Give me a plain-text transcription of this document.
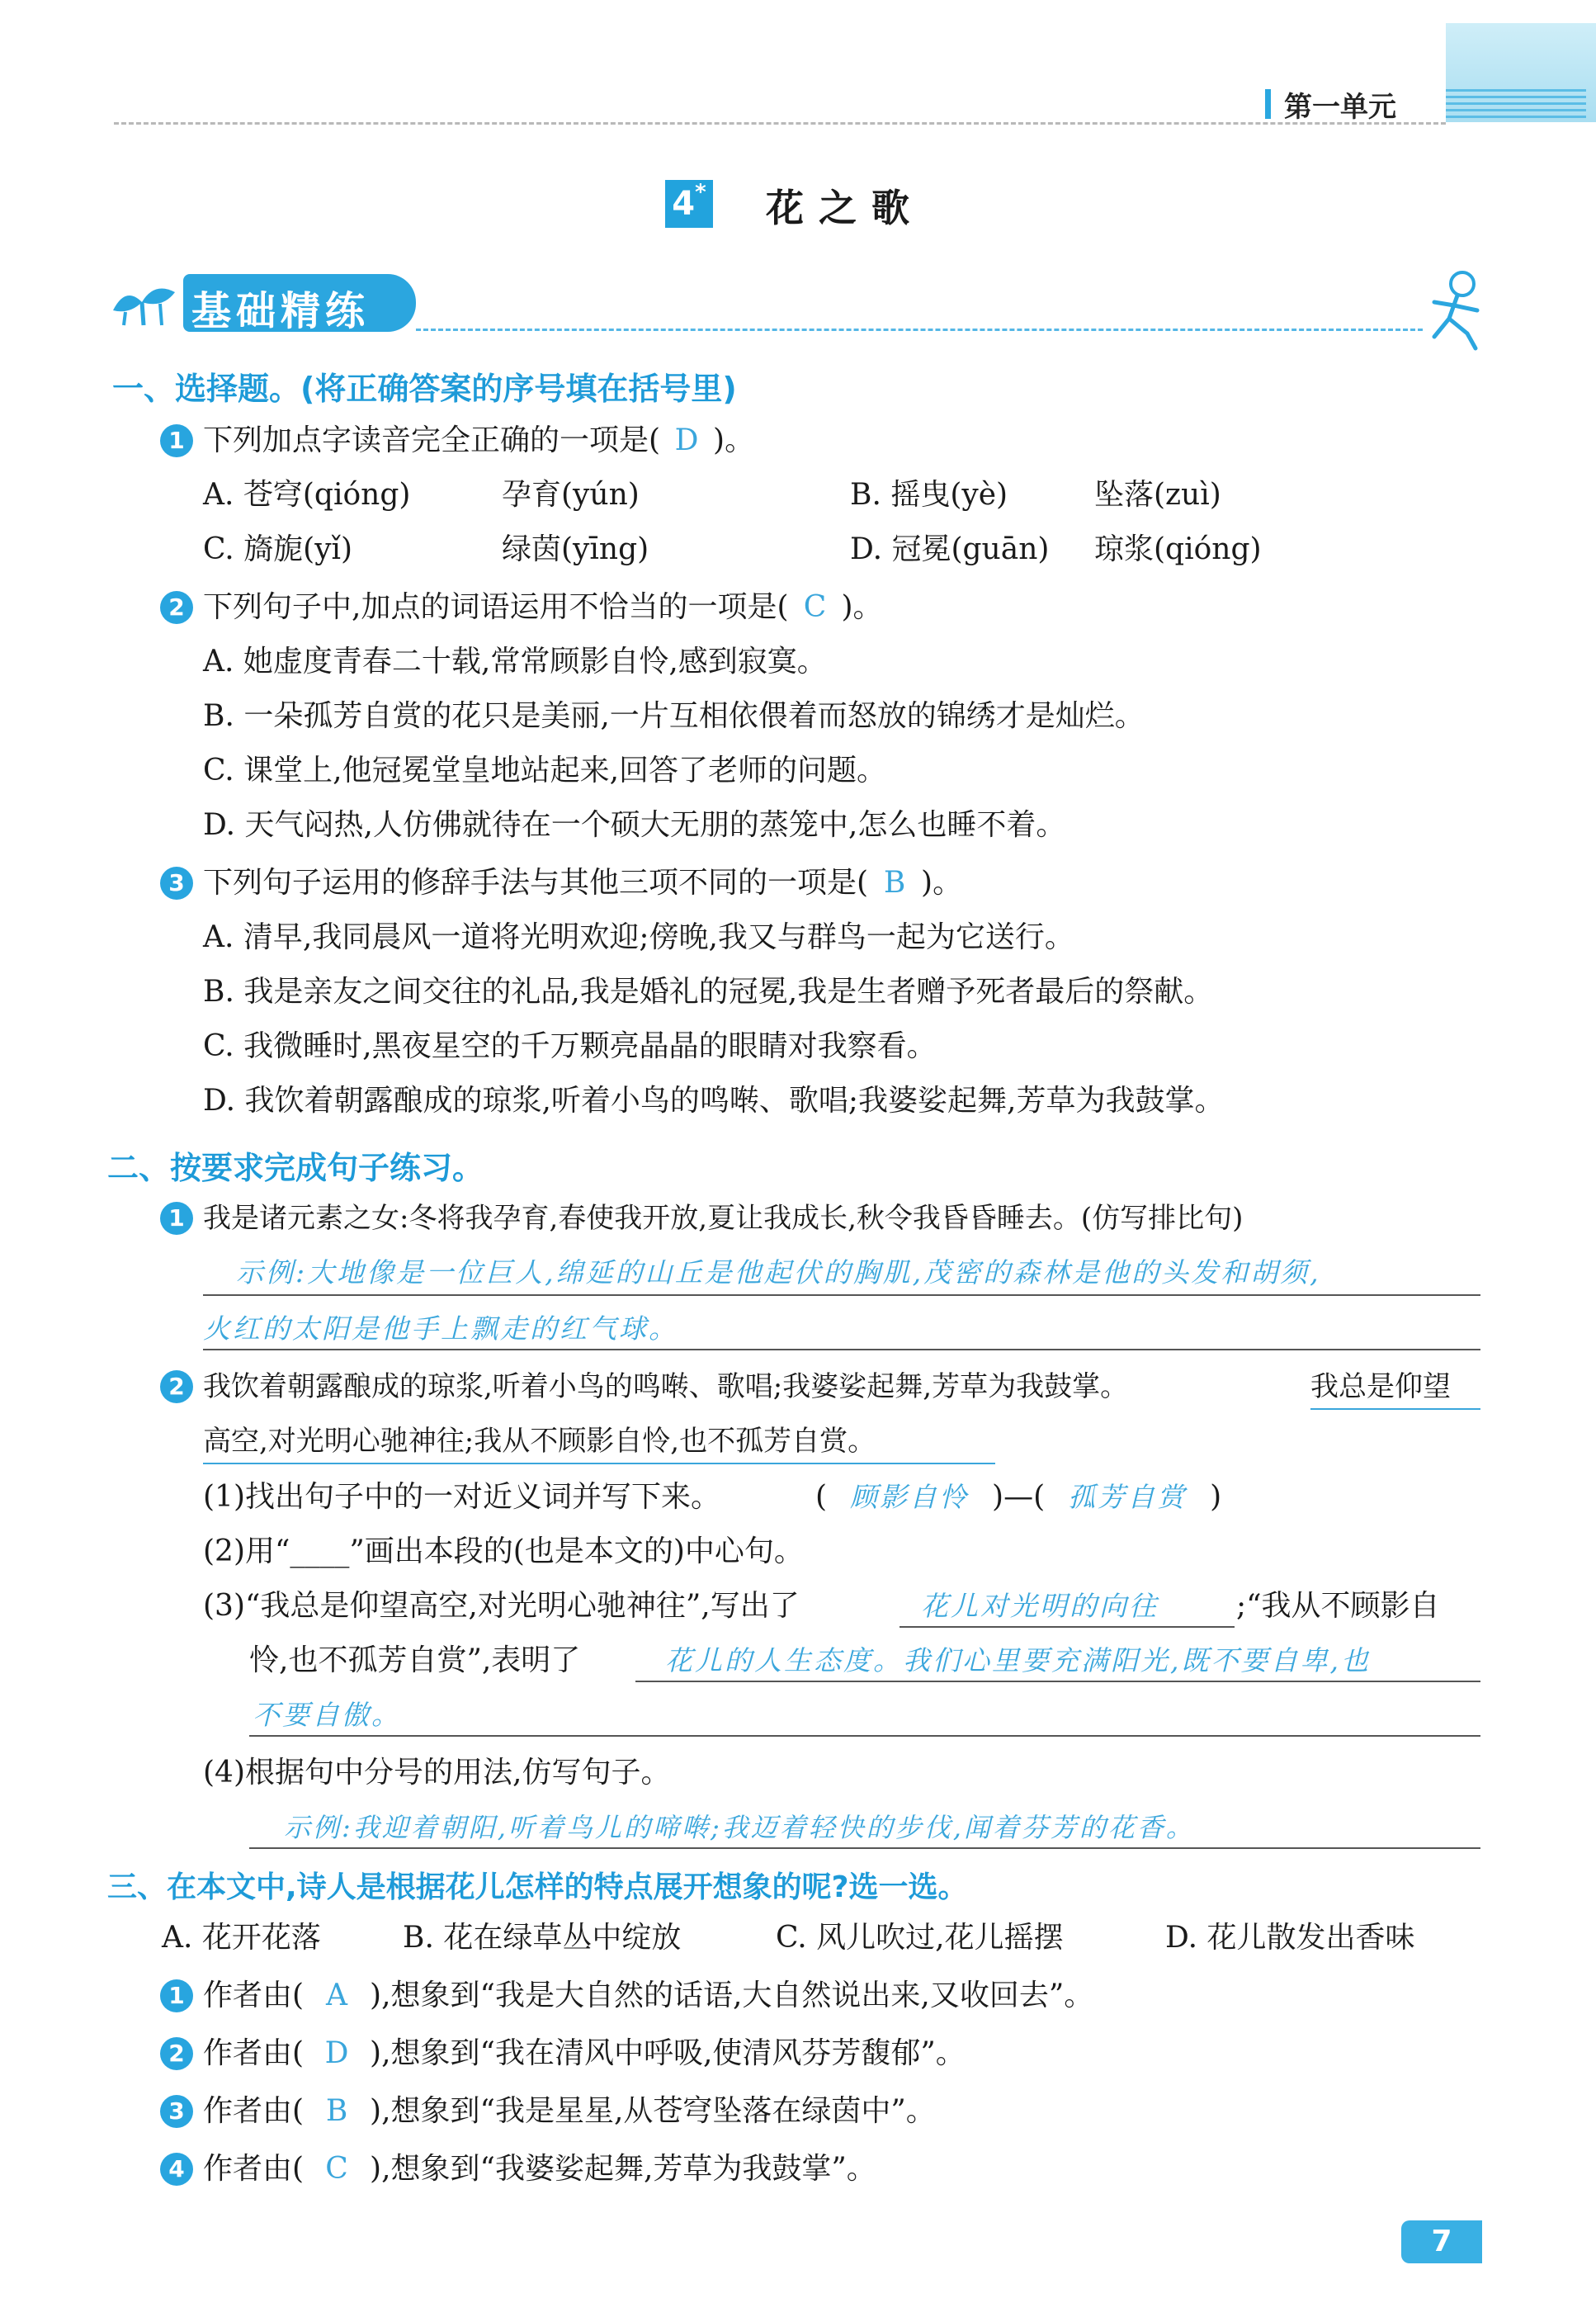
第一单元
4* 花之歌
基础精练
一、选择题。(将正确答案的序号填在括号里)
1 下列加点字读音完全正确的一项是( D )。
A. 苍穹(qióng)	孕育(yún)	B. 摇曳(yè)	坠落(zuì)
C. 旖旎(yǐ)	绿茵(yīng)	D. 冠冕(guān) 琼浆(qióng)
2 下列句子中,加点的词语运用不恰当的一项是( C )。
A. 她虚度青春二十载,常常顾影自怜,感到寂寞。
B. 一朵孤芳自赏的花只是美丽,一片互相依偎着而怒放的锦绣才是灿烂。
C. 课堂上,他冠冕堂皇地站起来,回答了老师的问题。
D. 天气闷热,人仿佛就待在一个硕大无朋的蒸笼中,怎么也睡不着。
3 下列句子运用的修辞手法与其他三项不同的一项是( B )。
A. 清早,我同晨风一道将光明欢迎;傍晚,我又与群鸟一起为它送行。
B. 我是亲友之间交往的礼品,我是婚礼的冠冕,我是生者赠予死者最后的祭献。
C. 我微睡时,黑夜星空的千万颗亮晶晶的眼睛对我察看。
D. 我饮着朝露酿成的琼浆,听着小鸟的鸣啭、歌唱;我婆娑起舞,芳草为我鼓掌。
二、按要求完成句子练习。
1 我是诸元素之女:冬将我孕育,春使我开放,夏让我成长,秋令我昏昏睡去。(仿写排比句)
示例:大地像是一位巨人,绵延的山丘是他起伏的胸肌,茂密的森林是他的头发和胡须,
火红的太阳是他手上飘走的红气球。
2 我饮着朝露酿成的琼浆,听着小鸟的鸣啭、歌唱;我婆娑起舞,芳草为我鼓掌。	我总是仰望
高空,对光明心驰神往;我从不顾影自怜,也不孤芳自赏。
(1)找出句子中的一对近义词并写下来。	( 顾影自怜 )—( 孤芳自赏 )
(2)用“____”画出本段的(也是本文的)中心句。
(3)“我总是仰望高空,对光明心驰神往”,写出了	花儿对光明的向往	;“我从不顾影自
怜,也不孤芳自赏”,表明了	花儿的人生态度。我们心里要充满阳光,既不要自卑,也
不要自傲。
(4)根据句中分号的用法,仿写句子。
示例:我迎着朝阳,听着鸟儿的啼啭;我迈着轻快的步伐,闻着芬芳的花香。
三、在本文中,诗人是根据花儿怎样的特点展开想象的呢?选一选。
A. 花开花落	B. 花在绿草丛中绽放	C. 风儿吹过,花儿摇摆	D. 花儿散发出香味
1 作者由( A ),想象到“我是大自然的话语,大自然说出来,又收回去”。
2 作者由( D ),想象到“我在清风中呼吸,使清风芬芳馥郁”。
3 作者由( B ),想象到“我是星星,从苍穹坠落在绿茵中”。
4 作者由( C ),想象到“我婆娑起舞,芳草为我鼓掌”。
7
